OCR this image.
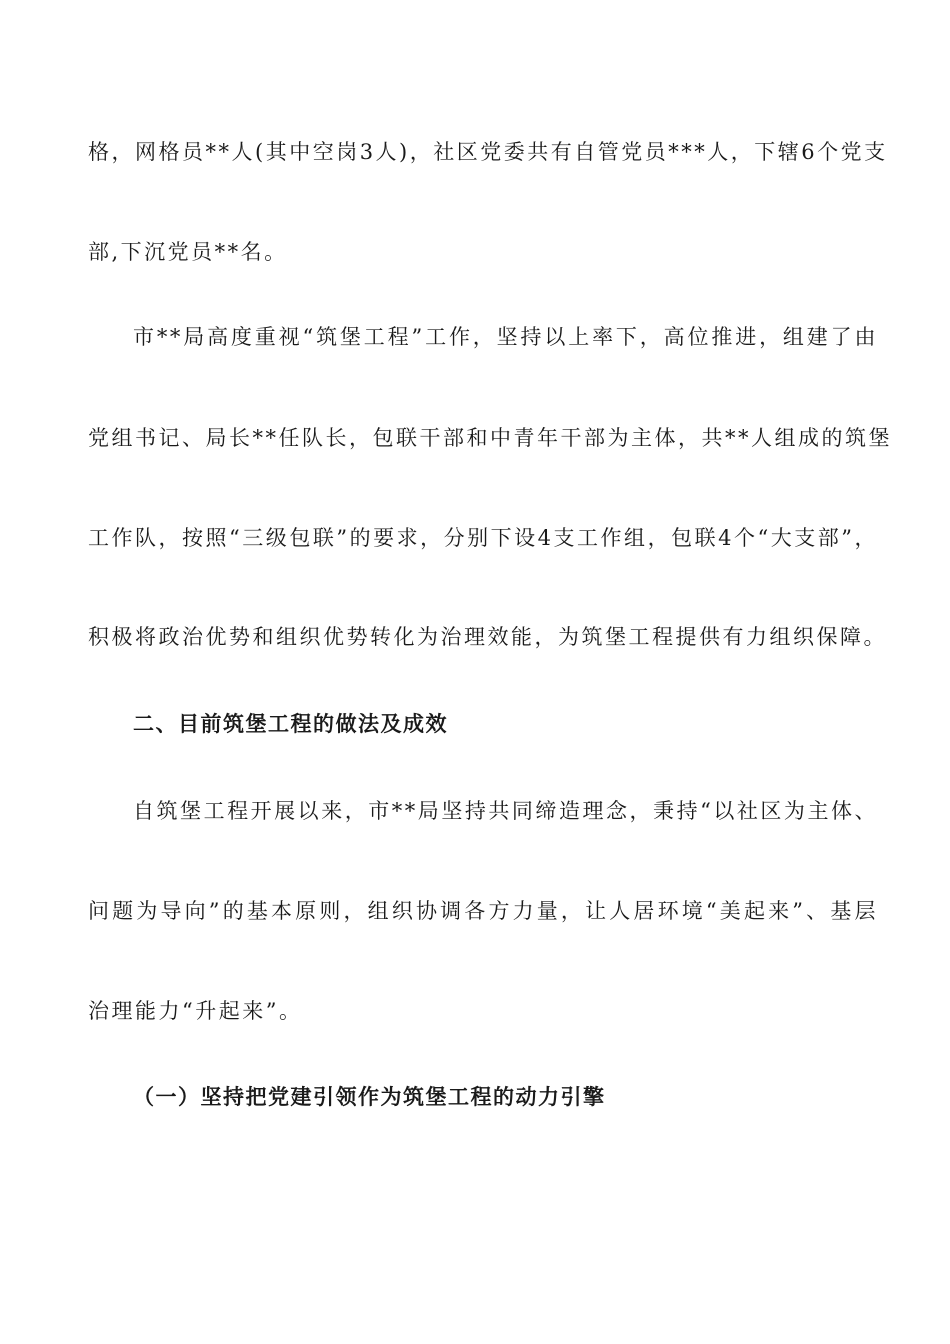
格，网格员**人(其中空岗3人)，社区党委共有自管党员***人，下辖6个党支
部,下沉党员**名。
市**局高度重视“筑堡工程”工作，坚持以上率下，高位推进，组建了由
党组书记、局长**任队长，包联干部和中青年干部为主体，共**人组成的筑堡
工作队，按照“三级包联”的要求，分别下设4支工作组，包联4个“大支部”，
积极将政治优势和组织优势转化为治理效能，为筑堡工程提供有力组织保障。
二、目前筑堡工程的做法及成效
自筑堡工程开展以来，市**局坚持共同缔造理念，秉持“以社区为主体、
问题为导向”的基本原则，组织协调各方力量，让人居环境“美起来”、基层
治理能力“升起来”。
（一）坚持把党建引领作为筑堡工程的动力引擎
